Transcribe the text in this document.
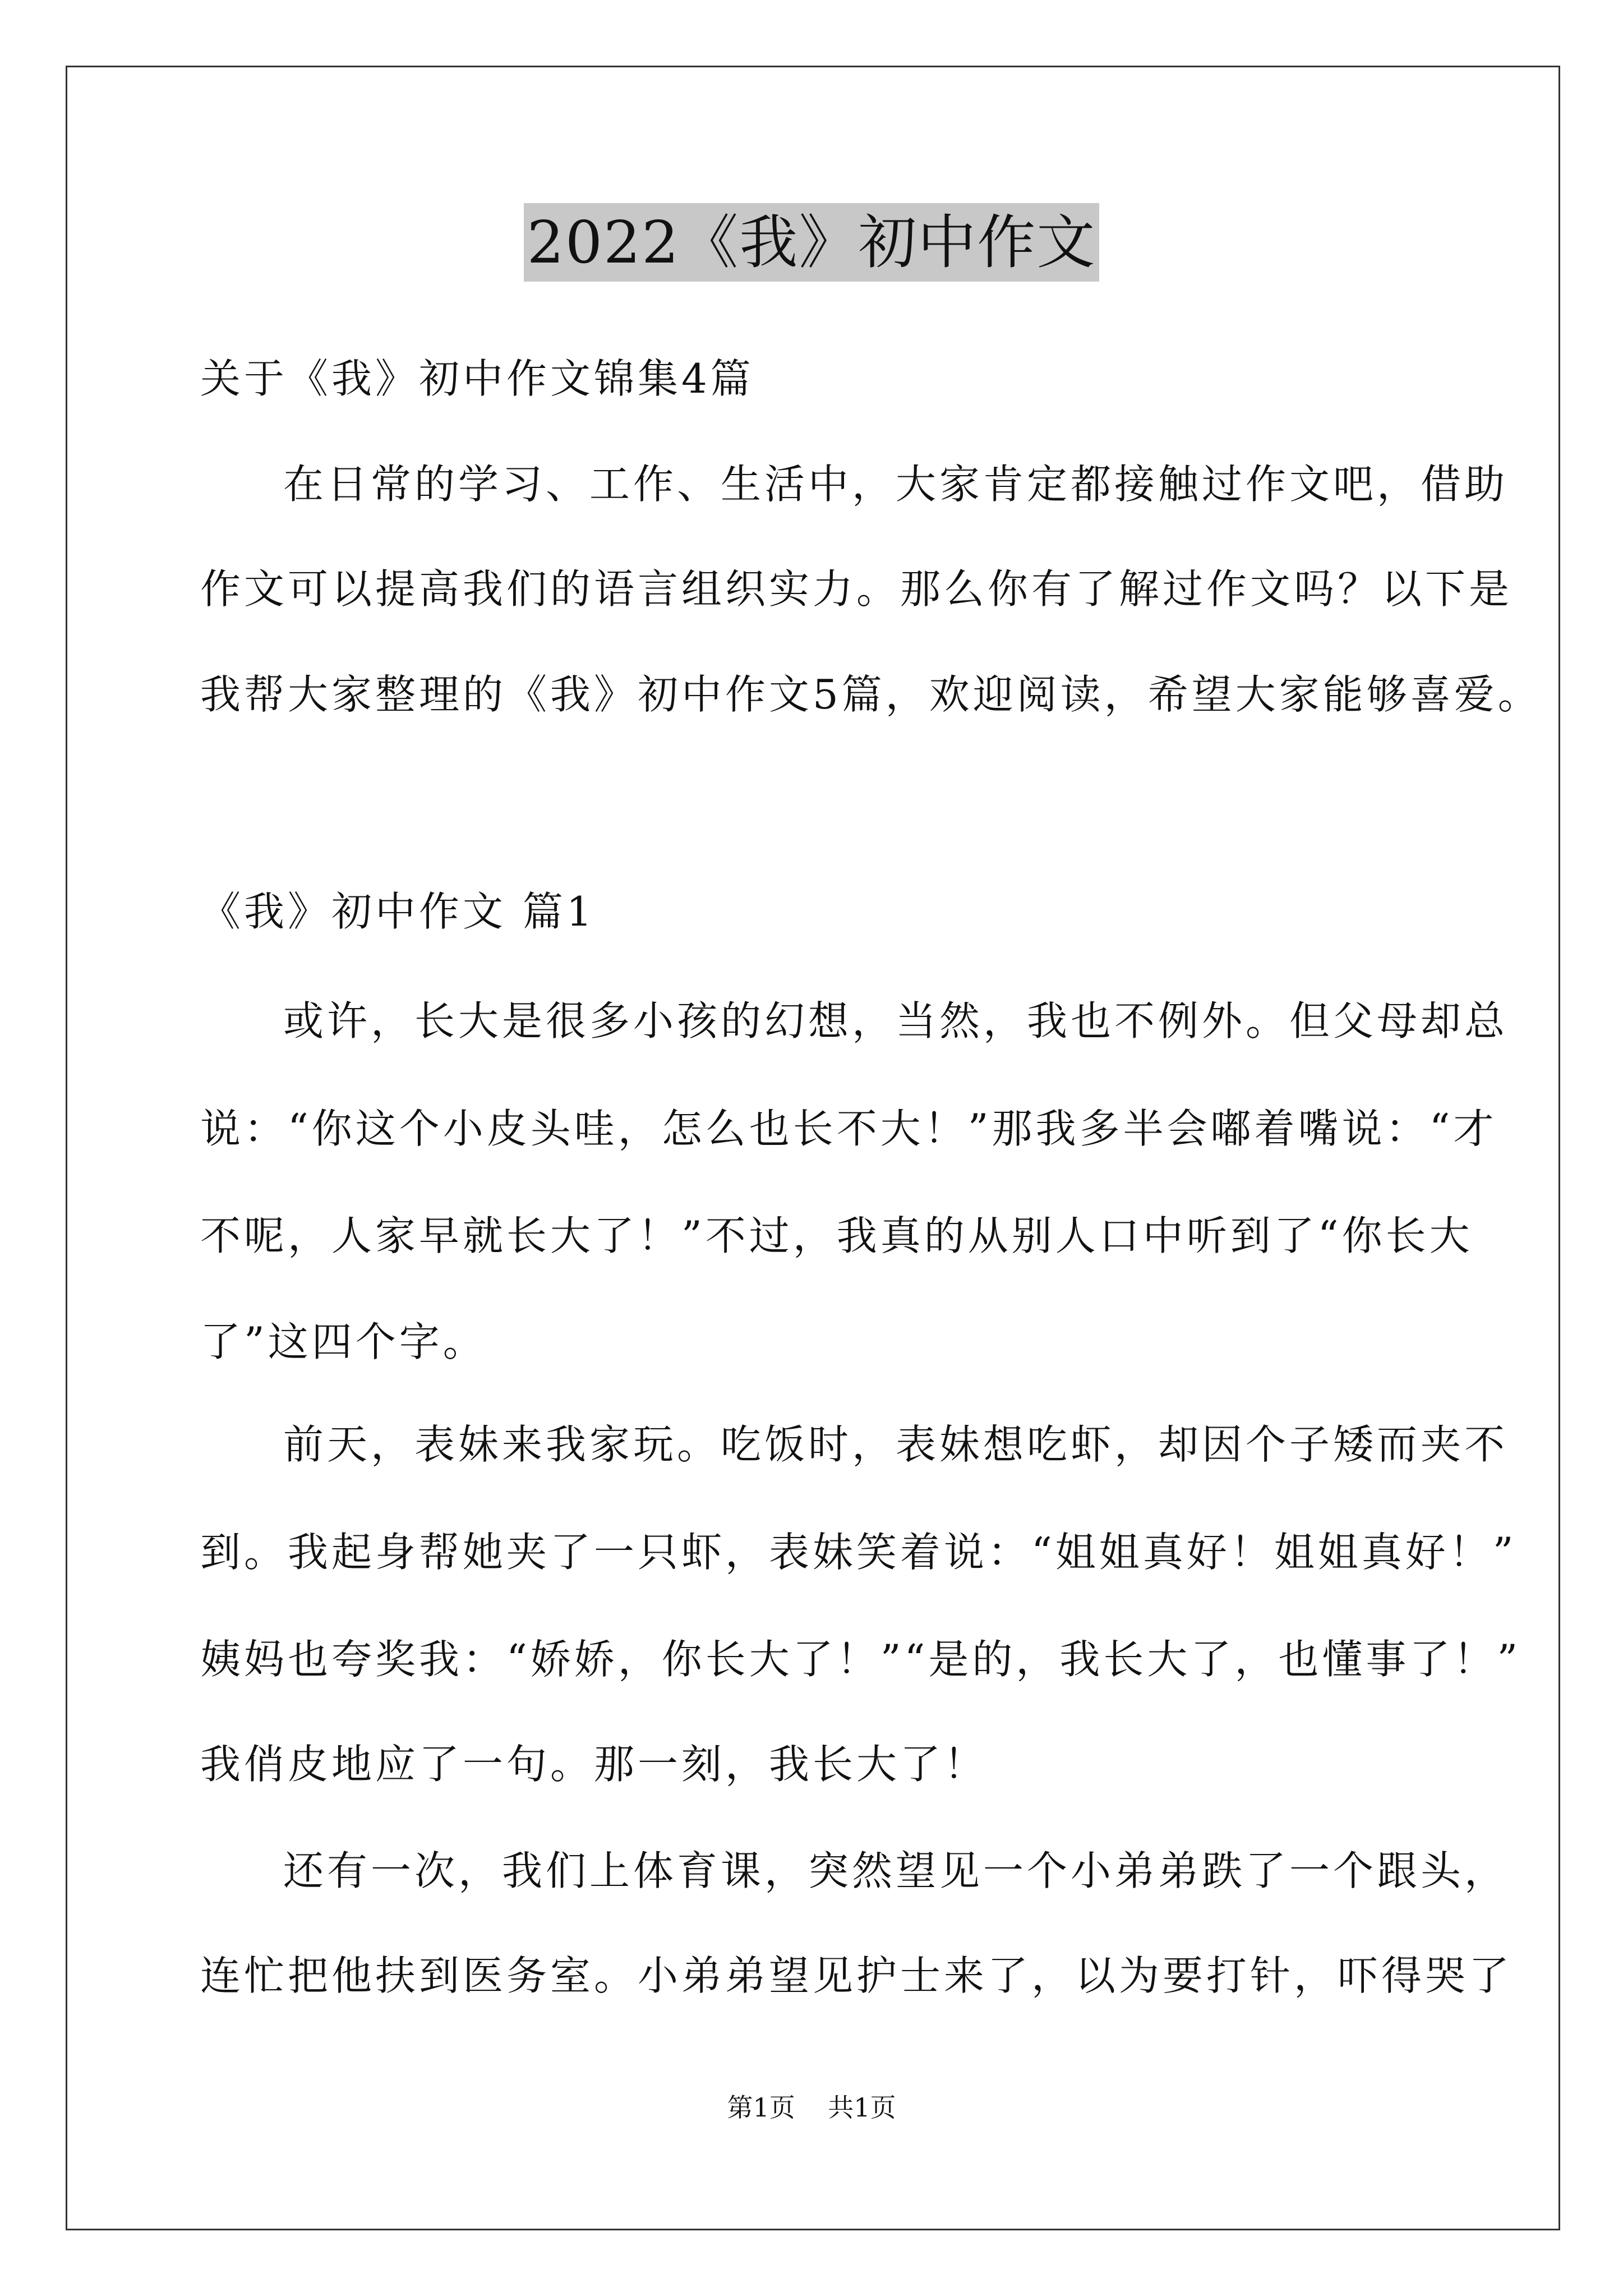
2022《我》初中作文
关于《我》初中作文锦集4篇
在日常的学习、工作、生活中，大家肯定都接触过作文吧，借助
作文可以提高我们的语言组织实力。那么你有了解过作文吗？以下是
我帮大家整理的《我》初中作文5篇，欢迎阅读，希望大家能够喜爱。
《我》初中作文 篇1
或许，长大是很多小孩的幻想，当然，我也不例外。但父母却总
说：“你这个小皮头哇，怎么也长不大！”那我多半会嘟着嘴说：“才
不呢，人家早就长大了！”不过，我真的从别人口中听到了“你长大
了”这四个字。
前天，表妹来我家玩。吃饭时，表妹想吃虾，却因个子矮而夹不
到。我起身帮她夹了一只虾，表妹笑着说：“姐姐真好！姐姐真好！”
姨妈也夸奖我：“娇娇，你长大了！”“是的，我长大了，也懂事了！”
我俏皮地应了一句。那一刻，我长大了！
还有一次，我们上体育课，突然望见一个小弟弟跌了一个跟头，
连忙把他扶到医务室。小弟弟望见护士来了，以为要打针，吓得哭了
第1页    共1页
